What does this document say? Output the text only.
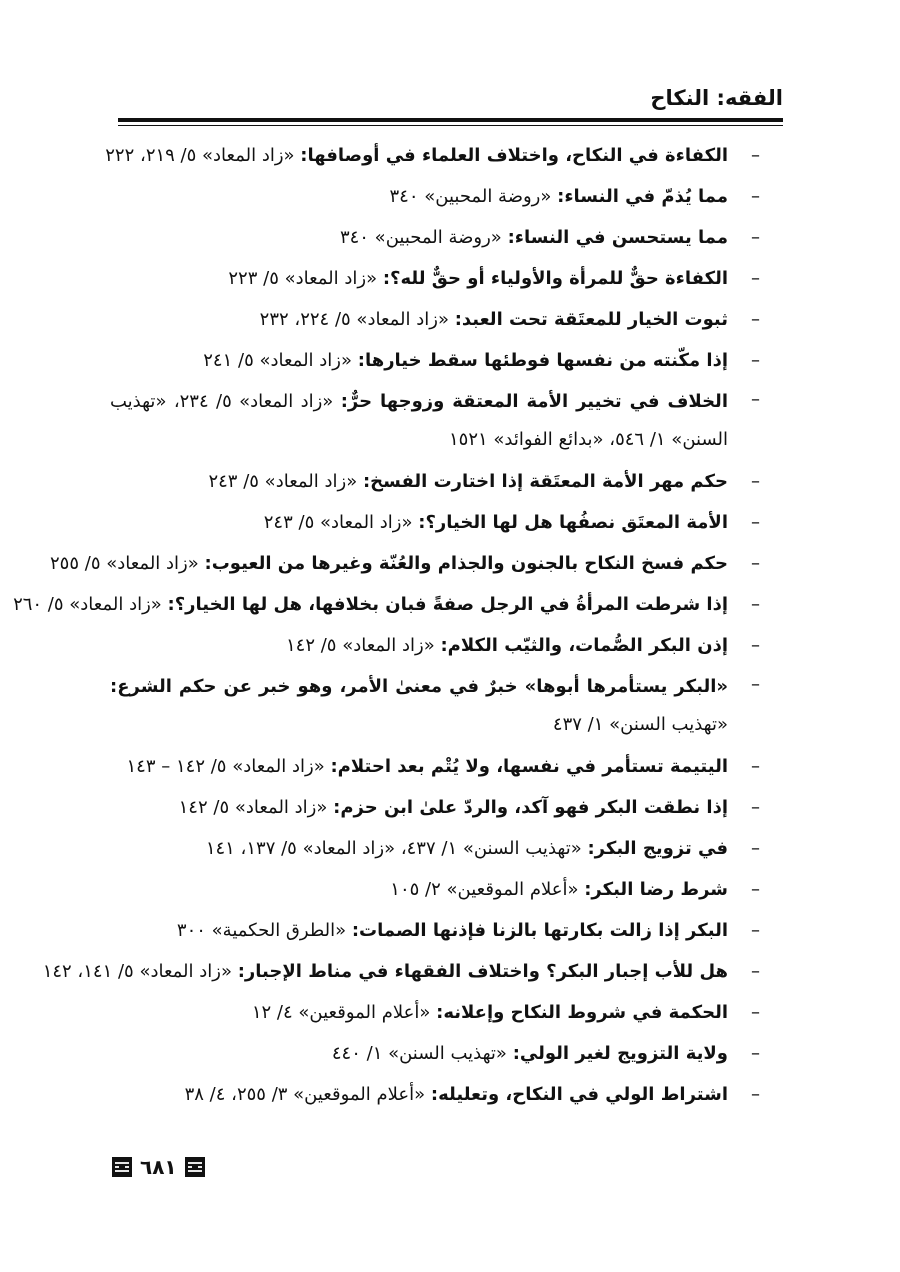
الفقه: النكاح
–
الكفاءة في النكاح، واختلاف العلماء في أوصافها: «زاد المعاد» ٥/ ٢١٩، ٢٢٢
–
مما يُذمّ في النساء: «روضة المحبين» ٣٤٠
–
مما يستحسن في النساء: «روضة المحبين» ٣٤٠
–
الكفاءة حقٌّ للمرأة والأولياء أو حقٌّ لله؟: «زاد المعاد» ٥/ ٢٢٣
–
ثبوت الخيار للمعتَقة تحت العبد: «زاد المعاد» ٥/ ٢٢٤، ٢٣٢
–
إذا مكّنته من نفسها فوطئها سقط خيارها: «زاد المعاد» ٥/ ٢٤١
–
الخلاف في تخيير الأمة المعتقة وزوجها حرٌّ: «زاد المعاد» ٥/ ٢٣٤، «تهذيب السنن» ١/ ٥٤٦، «بدائع الفوائد» ١٥٢١
–
حكم مهر الأمة المعتَقة إذا اختارت الفسخ: «زاد المعاد» ٥/ ٢٤٣
–
الأمة المعتَق نصفُها هل لها الخيار؟: «زاد المعاد» ٥/ ٢٤٣
–
حكم فسخ النكاح بالجنون والجذام والعُنّة وغيرها من العيوب: «زاد المعاد» ٥/ ٢٥٥
–
إذا شرطت المرأةُ في الرجل صفةً فبان بخلافها، هل لها الخيار؟: «زاد المعاد» ٥/ ٢٦٠
–
إذن البكر الصُّمات، والثيّب الكلام: «زاد المعاد» ٥/ ١٤٢
–
«البكر يستأمرها أبوها» خبرٌ في معنىٰ الأمر، وهو خبر عن حكم الشرع: «تهذيب السنن» ١/ ٤٣٧
–
اليتيمة تستأمر في نفسها، ولا يُتْم بعد احتلام: «زاد المعاد» ٥/ ١٤٢ – ١٤٣
–
إذا نطقت البكر فهو آكد، والردّ علىٰ ابن حزم: «زاد المعاد» ٥/ ١٤٢
–
في تزويج البكر: «تهذيب السنن» ١/ ٤٣٧، «زاد المعاد» ٥/ ١٣٧، ١٤١
–
شرط رضا البكر: «أعلام الموقعين» ٢/ ١٠٥
–
البكر إذا زالت بكارتها بالزنا فإذنها الصمات: «الطرق الحكمية» ٣٠٠
–
هل للأب إجبار البكر؟ واختلاف الفقهاء في مناط الإجبار: «زاد المعاد» ٥/ ١٤١، ١٤٢
–
الحكمة في شروط النكاح وإعلانه: «أعلام الموقعين» ٤/ ١٢
–
ولاية التزويج لغير الولي: «تهذيب السنن» ١/ ٤٤٠
–
اشتراط الولي في النكاح، وتعليله: «أعلام الموقعين» ٣/ ٢٥٥، ٤/ ٣٨
٦٨١
